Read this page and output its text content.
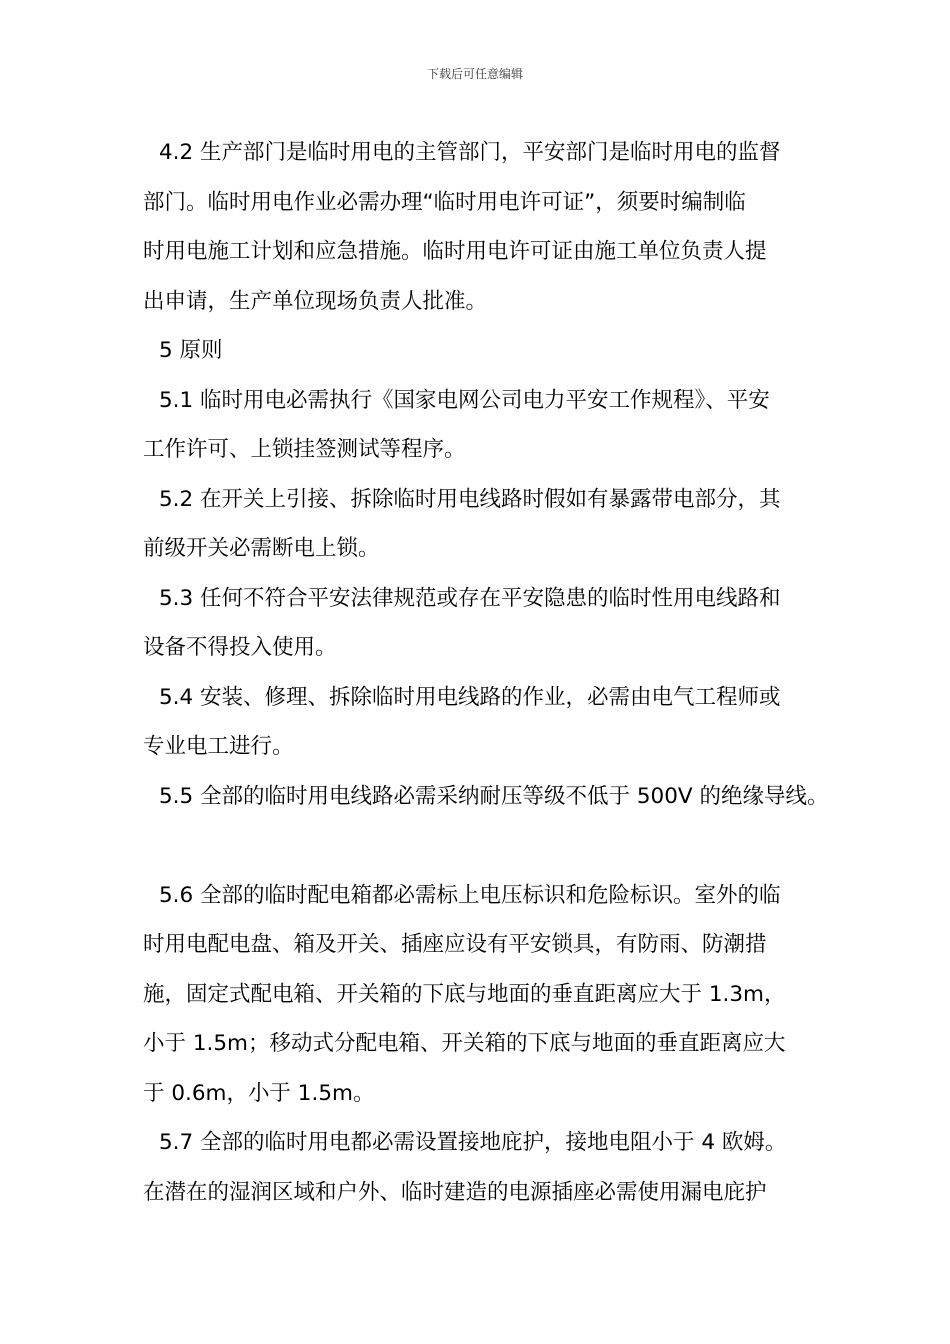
下载后可任意编辑

4.2 生产部门是临时用电的主管部门，平安部门是临时用电的监督
部门。临时用电作业必需办理“临时用电许可证”，须要时编制临
时用电施工计划和应急措施。临时用电许可证由施工单位负责人提
出申请，生产单位现场负责人批准。

5 原则

5.1 临时用电必需执行《国家电网公司电力平安工作规程》、平安
工作许可、上锁挂签测试等程序。

5.2 在开关上引接、拆除临时用电线路时假如有暴露带电部分，其
前级开关必需断电上锁。

5.3 任何不符合平安法律规范或存在平安隐患的临时性用电线路和
设备不得投入使用。

5.4 安装、修理、拆除临时用电线路的作业，必需由电气工程师或
专业电工进行。

5.5 全部的临时用电线路必需采纳耐压等级不低于 500V 的绝缘导线。

5.6 全部的临时配电箱都必需标上电压标识和危险标识。室外的临
时用电配电盘、箱及开关、插座应设有平安锁具，有防雨、防潮措
施，固定式配电箱、开关箱的下底与地面的垂直距离应大于 1.3m，
小于 1.5m；移动式分配电箱、开关箱的下底与地面的垂直距离应大
于 0.6m，小于 1.5m。

5.7 全部的临时用电都必需设置接地庇护，接地电阻小于 4 欧姆。
在潜在的湿润区域和户外、临时建造的电源插座必需使用漏电庇护
